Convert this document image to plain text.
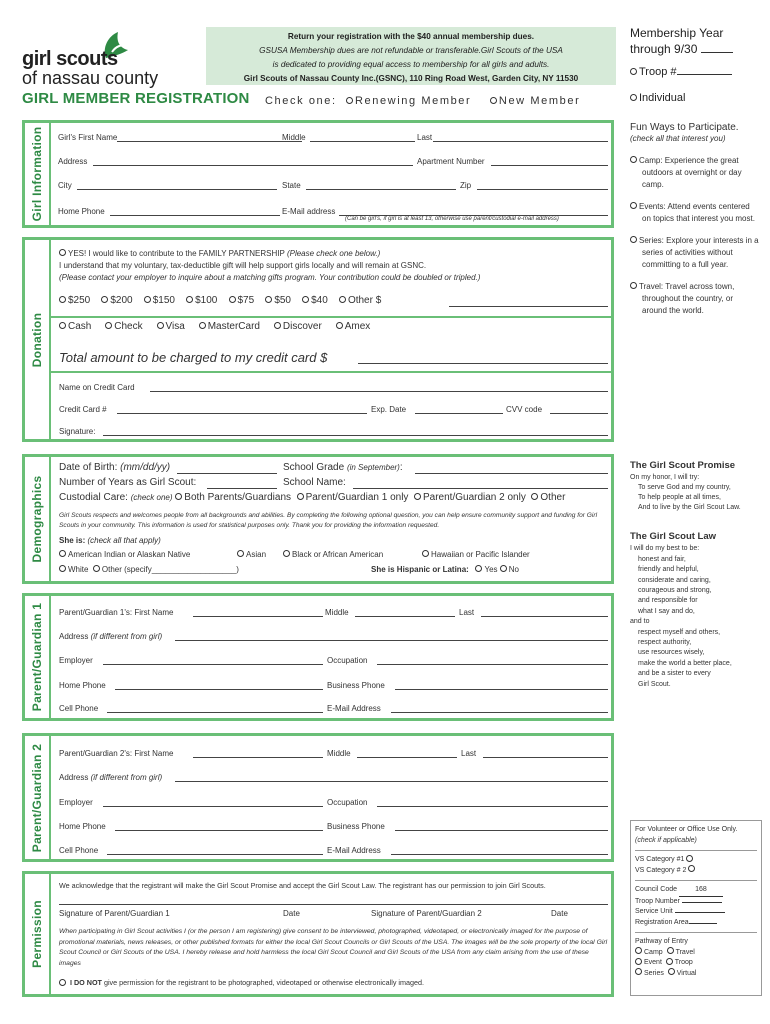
girl scouts
of nassau county
Return your registration with the $40 annual membership dues.
GSUSA Membership dues are not refundable or transferable.Girl Scouts of the USA
is dedicated to providing equal access to membership for all girls and adults.
Girl Scouts of Nassau County Inc.(GSNC), 110 Ring Road West, Garden City, NY 11530
GIRL MEMBER REGISTRATION Check one: Renewing Member	New Member
Girl Information Girl's First Name	Middle	Last
Address	Apartment Number
City	State	Zip
Home Phone	E-Mail address
(Can be girl's, if girl is at least 13, otherwise use parent/custodial e-mail address)
Donation
YES! I would like to contribute to the FAMILY PARTNERSHIP (Please check one below.)
I understand that my voluntary, tax-deductible gift will help support girls locally and will remain at GSNC.
(Please contact your employer to inquire about a matching gifts program. Your contribution could be doubled or tripled.)
$250 $200 $150 $100 $75 $50 $40 Other $
Cash Check Visa MasterCard Discover Amex
Total amount to be charged to my credit card $
Name on Credit Card
Credit Card #	Exp. Date	CVV code
Signature:
Demographics
Date of Birth: (mm/dd/yy)	School Grade (in September):
Number of Years as Girl Scout:	School Name:
Custodial Care: (check one) Both Parents/Guardians Parent/Guardian 1 only Parent/Guardian 2 only Other
Girl Scouts respects and welcomes people from all backgrounds and abilities. By completing the following optional question, you can help ensure community support and funding for Girl Scouts in your community. This information is used for statistical purposes only. Thank you for providing the information requested.
She is: (check all that apply)
American Indian or Alaskan Native	Asian	Black or African American	Hawaiian or Pacific Islander
White Other (specify___________________)	She is Hispanic or Latina: Yes No
Parent/Guardian 1 Parent/Guardian 1's: First Name	Middle	Last
Address (if different from girl)
Employer	Occupation
Home Phone	Business Phone
Cell Phone	E-Mail Address
Parent/Guardian 2 Parent/Guardian 2's: First Name	Middle	Last
Address (if different from girl)
Employer	Occupation
Home Phone	Business Phone
Cell Phone	E-Mail Address
Permission
We acknowledge that the registrant will make the Girl Scout Promise and accept the Girl Scout Law. The registrant has our permission to join Girl Scouts.
Signature of Parent/Guardian 1	Date	Signature of Parent/Guardian 2	Date
When participating in Girl Scout activities I (or the person I am registering) give consent to be interviewed, photographed, videotaped, or electronically imaged for the purpose of promotional materials, news releases, or other published formats for either the local Girl Scout Councils or Girl Scouts of the USA. The images will be the sole property of the local Girl Scout Council or Girl Scouts of the USA. I hereby release and hold harmless the local Girl Scout Council and Girl Scouts of the USA from any claim arising from the use of these images
I DO NOT give permission for the registrant to be photographed, videotaped or otherwise electronically imaged.
Membership Year
through 9/30
Troop #
Individual
Fun Ways to Participate.
(check all that interest you)
Camp: Experience the great outdoors at overnight or day camp.
Events: Attend events centered on topics that interest you most.
Series: Explore your interests in a series of activities without committing to a full year.
Travel: Travel across town, throughout the country, or around the world.
The Girl Scout Promise
On my honor, I will try:
To serve God and my country,
To help people at all times,
And to live by the Girl Scout Law.
The Girl Scout Law
I will do my best to be:
honest and fair,
friendly and helpful,
considerate and caring,
courageous and strong,
and responsible for
what I say and do,
and to
respect myself and others,
respect authority,
use resources wisely,
make the world a better place,
and be a sister to every
Girl Scout.
For Volunteer or Office Use Only.
(check if applicable)
VS Category #1
VS Category # 2
Council Code	168
Troop Number
Service Unit
Registration Area
Pathway of Entry
Camp Travel
Event Troop
Series Virtual
